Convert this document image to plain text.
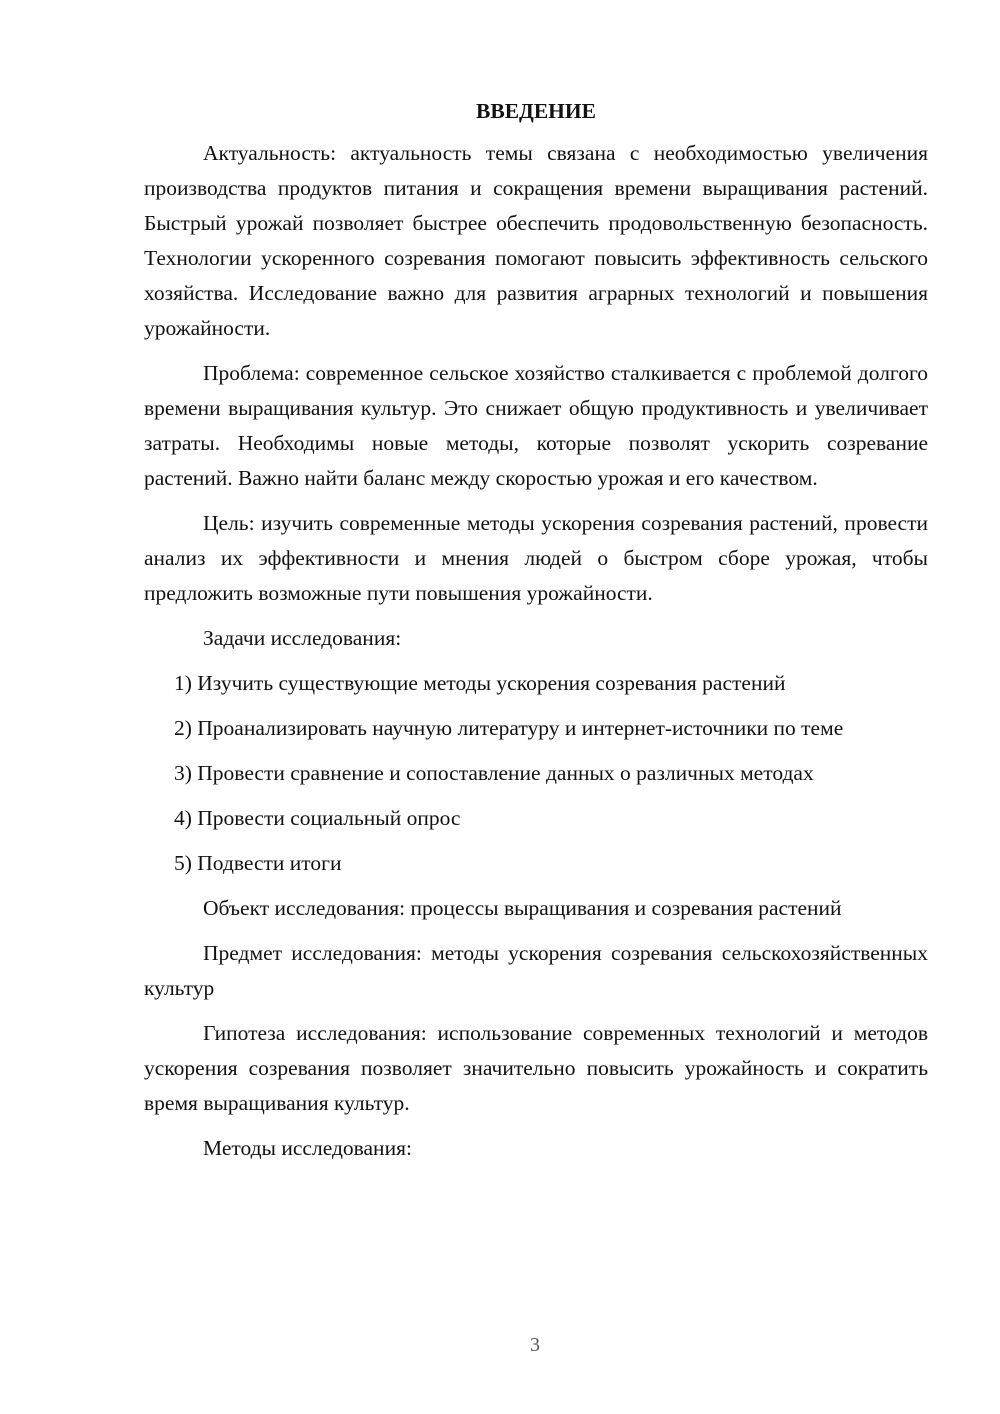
ВВЕДЕНИЕ

Актуальность: актуальность темы связана с необходимостью увеличения производства продуктов питания и сокращения времени выращивания растений. Быстрый урожай позволяет быстрее обеспечить продовольственную безопасность. Технологии ускоренного созревания помогают повысить эффективность сельского хозяйства. Исследование важно для развития аграрных технологий и повышения урожайности.

Проблема: современное сельское хозяйство сталкивается с проблемой долгого времени выращивания культур. Это снижает общую продуктивность и увеличивает затраты. Необходимы новые методы, которые позволят ускорить созревание растений. Важно найти баланс между скоростью урожая и его качеством.

Цель: изучить современные методы ускорения созревания растений, провести анализ их эффективности и мнения людей о быстром сборе урожая, чтобы предложить возможные пути повышения урожайности.

Задачи исследования:

1) Изучить существующие методы ускорения созревания растений

2) Проанализировать научную литературу и интернет-источники по теме

3) Провести сравнение и сопоставление данных о различных методах

4) Провести социальный опрос

5) Подвести итоги

Объект исследования: процессы выращивания и созревания растений

Предмет исследования: методы ускорения созревания сельскохозяйственных культур

Гипотеза исследования: использование современных технологий и методов ускорения созревания позволяет значительно повысить урожайность и сократить время выращивания культур.

Методы исследования:

3
